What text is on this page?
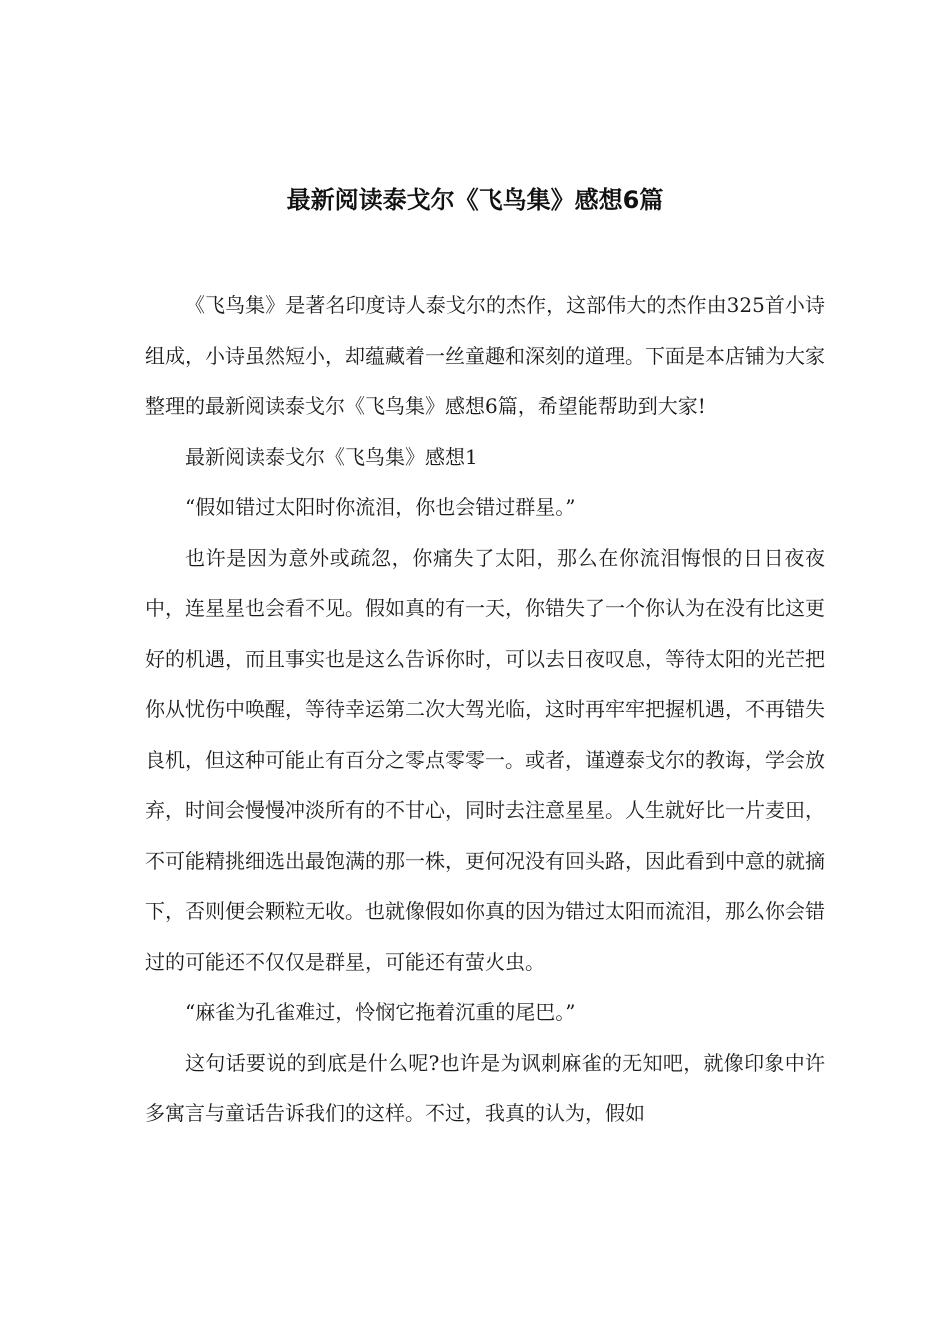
最新阅读泰戈尔《飞鸟集》感想6篇

《飞鸟集》是著名印度诗人泰戈尔的杰作，这部伟大的杰作由325首小诗组成，小诗虽然短小，却蕴藏着一丝童趣和深刻的道理。下面是本店铺为大家整理的最新阅读泰戈尔《飞鸟集》感想6篇，希望能帮助到大家!

最新阅读泰戈尔《飞鸟集》感想1

“假如错过太阳时你流泪，你也会错过群星。”

也许是因为意外或疏忽，你痛失了太阳，那么在你流泪悔恨的日日夜夜中，连星星也会看不见。假如真的有一天，你错失了一个你认为在没有比这更好的机遇，而且事实也是这么告诉你时，可以去日夜叹息，等待太阳的光芒把你从忧伤中唤醒，等待幸运第二次大驾光临，这时再牢牢把握机遇，不再错失良机，但这种可能止有百分之零点零零一。或者，谨遵泰戈尔的教诲，学会放弃，时间会慢慢冲淡所有的不甘心，同时去注意星星。人生就好比一片麦田，不可能精挑细选出最饱满的那一株，更何况没有回头路，因此看到中意的就摘下，否则便会颗粒无收。也就像假如你真的因为错过太阳而流泪，那么你会错过的可能还不仅仅是群星，可能还有萤火虫。

“麻雀为孔雀难过，怜悯它拖着沉重的尾巴。”

这句话要说的到底是什么呢?也许是为讽刺麻雀的无知吧，就像印象中许多寓言与童话告诉我们的这样。不过，我真的认为，假如
